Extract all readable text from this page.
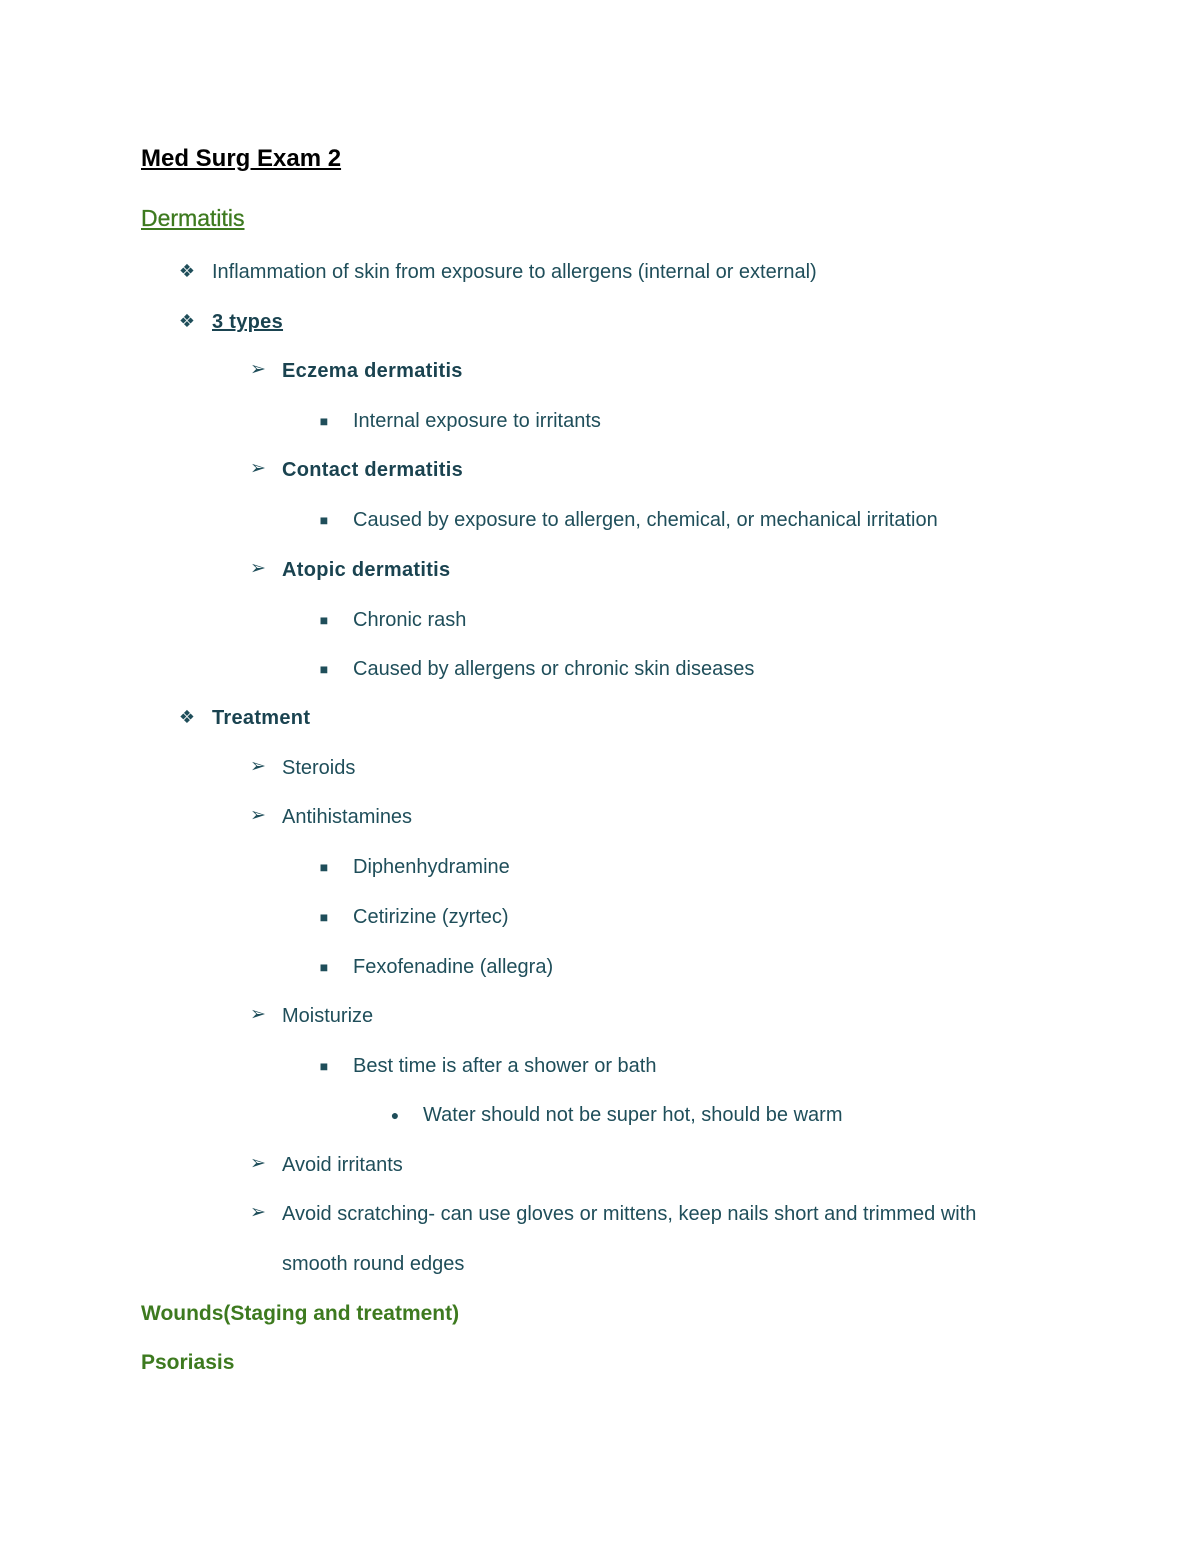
Med Surg Exam 2
Dermatitis
❖ Inflammation of skin from exposure to allergens (internal or external)
❖ 3 types
➢ Eczema dermatitis
■ Internal exposure to irritants
➢ Contact dermatitis
■ Caused by exposure to allergen, chemical, or mechanical irritation
➢ Atopic dermatitis
■ Chronic rash
■ Caused by allergens or chronic skin diseases
❖ Treatment
➢ Steroids
➢ Antihistamines
■ Diphenhydramine
■ Cetirizine (zyrtec)
■ Fexofenadine (allegra)
➢ Moisturize
■ Best time is after a shower or bath
● Water should not be super hot, should be warm
➢ Avoid irritants
➢ Avoid scratching- can use gloves or mittens, keep nails short and trimmed with
smooth round edges
Wounds(Staging and treatment)
Psoriasis
